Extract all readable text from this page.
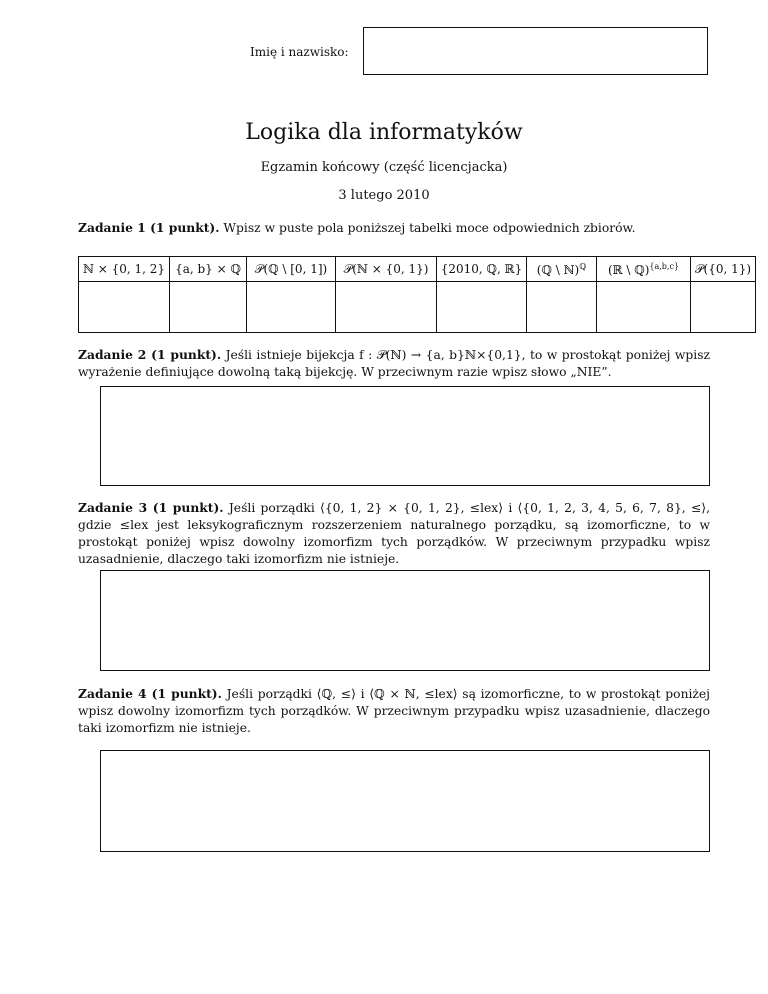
Imię i nazwisko:
Logika dla informatyków
Egzamin końcowy (część licencjacka)
3 lutego 2010
Zadanie 1 (1 punkt). Wpisz w puste pola poniższej tabelki moce odpowiednich zbiorów.
ℕ × {0, 1, 2}	{a, b} × ℚ	𝒫(ℚ \ [0, 1])	𝒫(ℕ × {0, 1})	{2010, ℚ, ℝ}	(ℚ \ ℕ)$^ℚ$	(ℝ \ ℚ)$^{\{a,b,c\}}$	𝒫({0, 1})

Zadanie 2 (1 punkt). Jeśli istnieje bijekcja f : 𝒫(ℕ) → {a, b}ℕ×{0,1}, to w prostokąt poniżej wpisz wyrażenie definiujące dowolną taką bijekcję. W przeciwnym razie wpisz słowo „NIE”.
Zadanie 3 (1 punkt). Jeśli porządki ⟨{0, 1, 2} × {0, 1, 2}, ≤lex⟩ i ⟨{0, 1, 2, 3, 4, 5, 6, 7, 8}, ≤⟩, gdzie ≤lex jest leksykograficznym rozszerzeniem naturalnego porządku, są izomorficzne, to w prostokąt poniżej wpisz dowolny izomorfizm tych porządków. W przeciwnym przypadku wpisz uzasadnienie, dlaczego taki izomorfizm nie istnieje.
Zadanie 4 (1 punkt). Jeśli porządki ⟨ℚ, ≤⟩ i ⟨ℚ × ℕ, ≤lex⟩ są izomorficzne, to w prostokąt poniżej wpisz dowolny izomorfizm tych porządków. W przeciwnym przypadku wpisz uzasadnienie, dlaczego taki izomorfizm nie istnieje.
